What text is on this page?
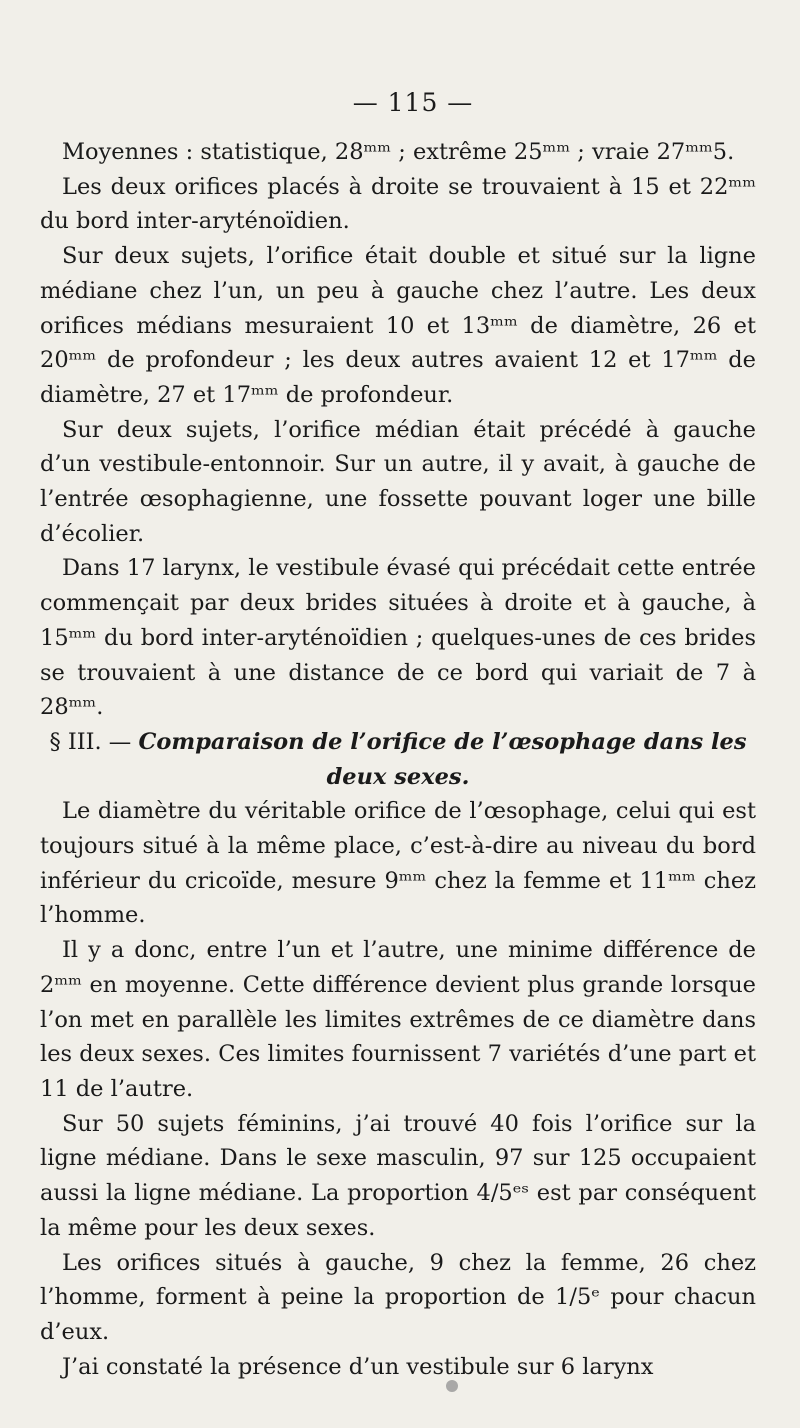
— 115 —

Moyennes : statistique, 28ᵐᵐ ; extrême 25ᵐᵐ ; vraie 27ᵐᵐ5.

Les deux orifices placés à droite se trouvaient à 15 et 22ᵐᵐ du bord inter-aryténoïdien.

Sur deux sujets, l’orifice était double et situé sur la ligne médiane chez l’un, un peu à gauche chez l’autre. Les deux orifices médians mesuraient 10 et 13ᵐᵐ de diamètre, 26 et 20ᵐᵐ de profondeur ; les deux autres avaient 12 et 17ᵐᵐ de diamètre, 27 et 17ᵐᵐ de profondeur.

Sur deux sujets, l’orifice médian était précédé à gauche d’un vestibule-entonnoir. Sur un autre, il y avait, à gauche de l’entrée œsophagienne, une fossette pouvant loger une bille d’écolier.

Dans 17 larynx, le vestibule évasé qui précédait cette entrée commençait par deux brides situées à droite et à gauche, à 15ᵐᵐ du bord inter-aryténoïdien ; quelques-unes de ces brides se trouvaient à une distance de ce bord qui variait de 7 à 28ᵐᵐ.

§ III. — Comparaison de l’orifice de l’œsophage dans les deux sexes.

Le diamètre du véritable orifice de l’œsophage, celui qui est toujours situé à la même place, c’est-à-dire au niveau du bord inférieur du cricoïde, mesure 9ᵐᵐ chez la femme et 11ᵐᵐ chez l’homme.

Il y a donc, entre l’un et l’autre, une minime différence de 2ᵐᵐ en moyenne. Cette différence devient plus grande lorsque l’on met en parallèle les limites extrêmes de ce diamètre dans les deux sexes. Ces limites fournissent 7 variétés d’une part et 11 de l’autre.

Sur 50 sujets féminins, j’ai trouvé 40 fois l’orifice sur la ligne médiane. Dans le sexe masculin, 97 sur 125 occupaient aussi la ligne médiane. La proportion 4/5ᵉˢ est par conséquent la même pour les deux sexes.

Les orifices situés à gauche, 9 chez la femme, 26 chez l’homme, forment à peine la proportion de 1/5ᵉ pour chacun d’eux.

J’ai constaté la présence d’un vestibule sur 6 larynx
